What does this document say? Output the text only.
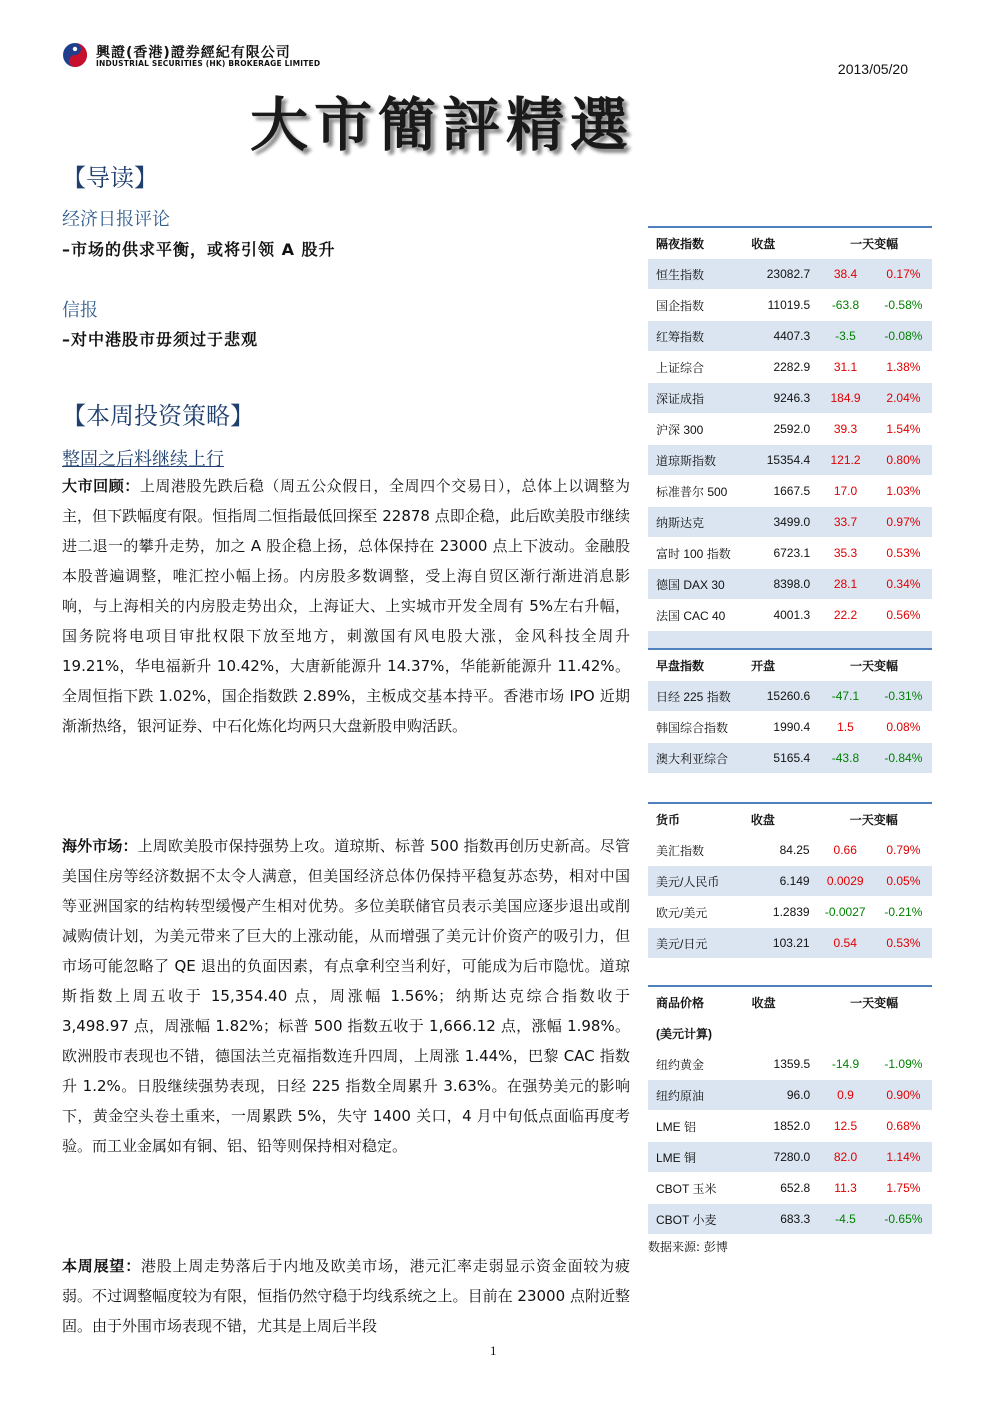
興證(香港)證券經紀有限公司
INDUSTRIAL SECURITIES (HK) BROKERAGE LIMITED	2013/05/20
大市簡評精選
【导读】
经济日报评论
–市场的供求平衡，或将引领 A 股升
信报
–对中港股市毋须过于悲观
【本周投资策略】
整固之后料继续上行
大市回顾：上周港股先跌后稳（周五公众假日，全周四个交易日），总体上以调整为主，但下跌幅度有限。恒指周二恒指最低回探至 22878 点即企稳，此后欧美股市继续进二退一的攀升走势，加之 A 股企稳上扬，总体保持在 23000 点上下波动。金融股本股普遍调整，唯汇控小幅上扬。内房股多数调整，受上海自贸区渐行渐进消息影响，与上海相关的内房股走势出众，上海证大、上实城市开发全周有 5%左右升幅，国务院将电项目审批权限下放至地方，刺激国有风电股大涨，金风科技全周升 19.21%，华电福新升 10.42%，大唐新能源升 14.37%，华能新能源升 11.42%。全周恒指下跌 1.02%，国企指数跌 2.89%，主板成交基本持平。香港市场 IPO 近期渐渐热络，银河证券、中石化炼化均两只大盘新股申购活跃。
海外市场：上周欧美股市保持强势上攻。道琼斯、标普 500 指数再创历史新高。尽管美国住房等经济数据不太令人满意，但美国经济总体仍保持平稳复苏态势，相对中国等亚洲国家的结构转型缓慢产生相对优势。多位美联储官员表示美国应逐步退出或削减购债计划，为美元带来了巨大的上涨动能，从而增强了美元计价资产的吸引力，但市场可能忽略了 QE 退出的负面因素，有点拿利空当利好，可能成为后市隐忧。道琼斯指数上周五收于 15,354.40 点，周涨幅 1.56%；纳斯达克综合指数收于 3,498.97 点，周涨幅 1.82%；标普 500 指数五收于 1,666.12 点，涨幅 1.98%。欧洲股市表现也不错，德国法兰克福指数连升四周，上周涨 1.44%，巴黎 CAC 指数升 1.2%。日股继续强势表现，日经 225 指数全周累升 3.63%。在强势美元的影响下，黄金空头卷土重来，一周累跌 5%，失守 1400 关口，4 月中旬低点面临再度考验。而工业金属如有铜、铝、铅等则保持相对稳定。
本周展望：港股上周走势落后于内地及欧美市场，港元汇率走弱显示资金面较为疲弱。不过调整幅度较为有限，恒指仍然守稳于均线系统之上。目前在 23000 点附近整固。由于外围市场表现不错，尤其是上周后半段
隔夜指数	收盘	一天变幅	
恒生指数	23082.7	38.4	0.17%
国企指数	11019.5	-63.8	-0.58%
红筹指数	4407.3	-3.5	-0.08%
上证综合	2282.9	31.1	1.38%
深证成指	9246.3	184.9	2.04%
沪深 300	2592.0	39.3	1.54%
道琼斯指数	15354.4	121.2	0.80%
标准普尔 500	1667.5	17.0	1.03%
纳斯达克	3499.0	33.7	0.97%
富时 100 指数	6723.1	35.3	0.53%
德国 DAX 30	8398.0	28.1	0.34%
法国 CAC 40	4001.3	22.2	0.56%

早盘指数	开盘	一天变幅	
日经 225 指数	15260.6	-47.1	-0.31%
韩国综合指数	1990.4	1.5	0.08%
澳大利亚综合	5165.4	-43.8	-0.84%
货币	收盘	一天变幅	
美汇指数	84.25	0.66	0.79%
美元/人民币	6.149	0.0029	0.05%
欧元/美元	1.2839	-0.0027	-0.21%
美元/日元	103.21	0.54	0.53%
商品价格	收盘	一天变幅	
(美元计算)			
纽约黄金	1359.5	-14.9	-1.09%
纽约原油	96.0	0.9	0.90%
LME 铝	1852.0	12.5	0.68%
LME 铜	7280.0	82.0	1.14%
CBOT 玉米	652.8	11.3	1.75%
CBOT 小麦	683.3	-4.5	-0.65%
数据来源: 彭博
1
